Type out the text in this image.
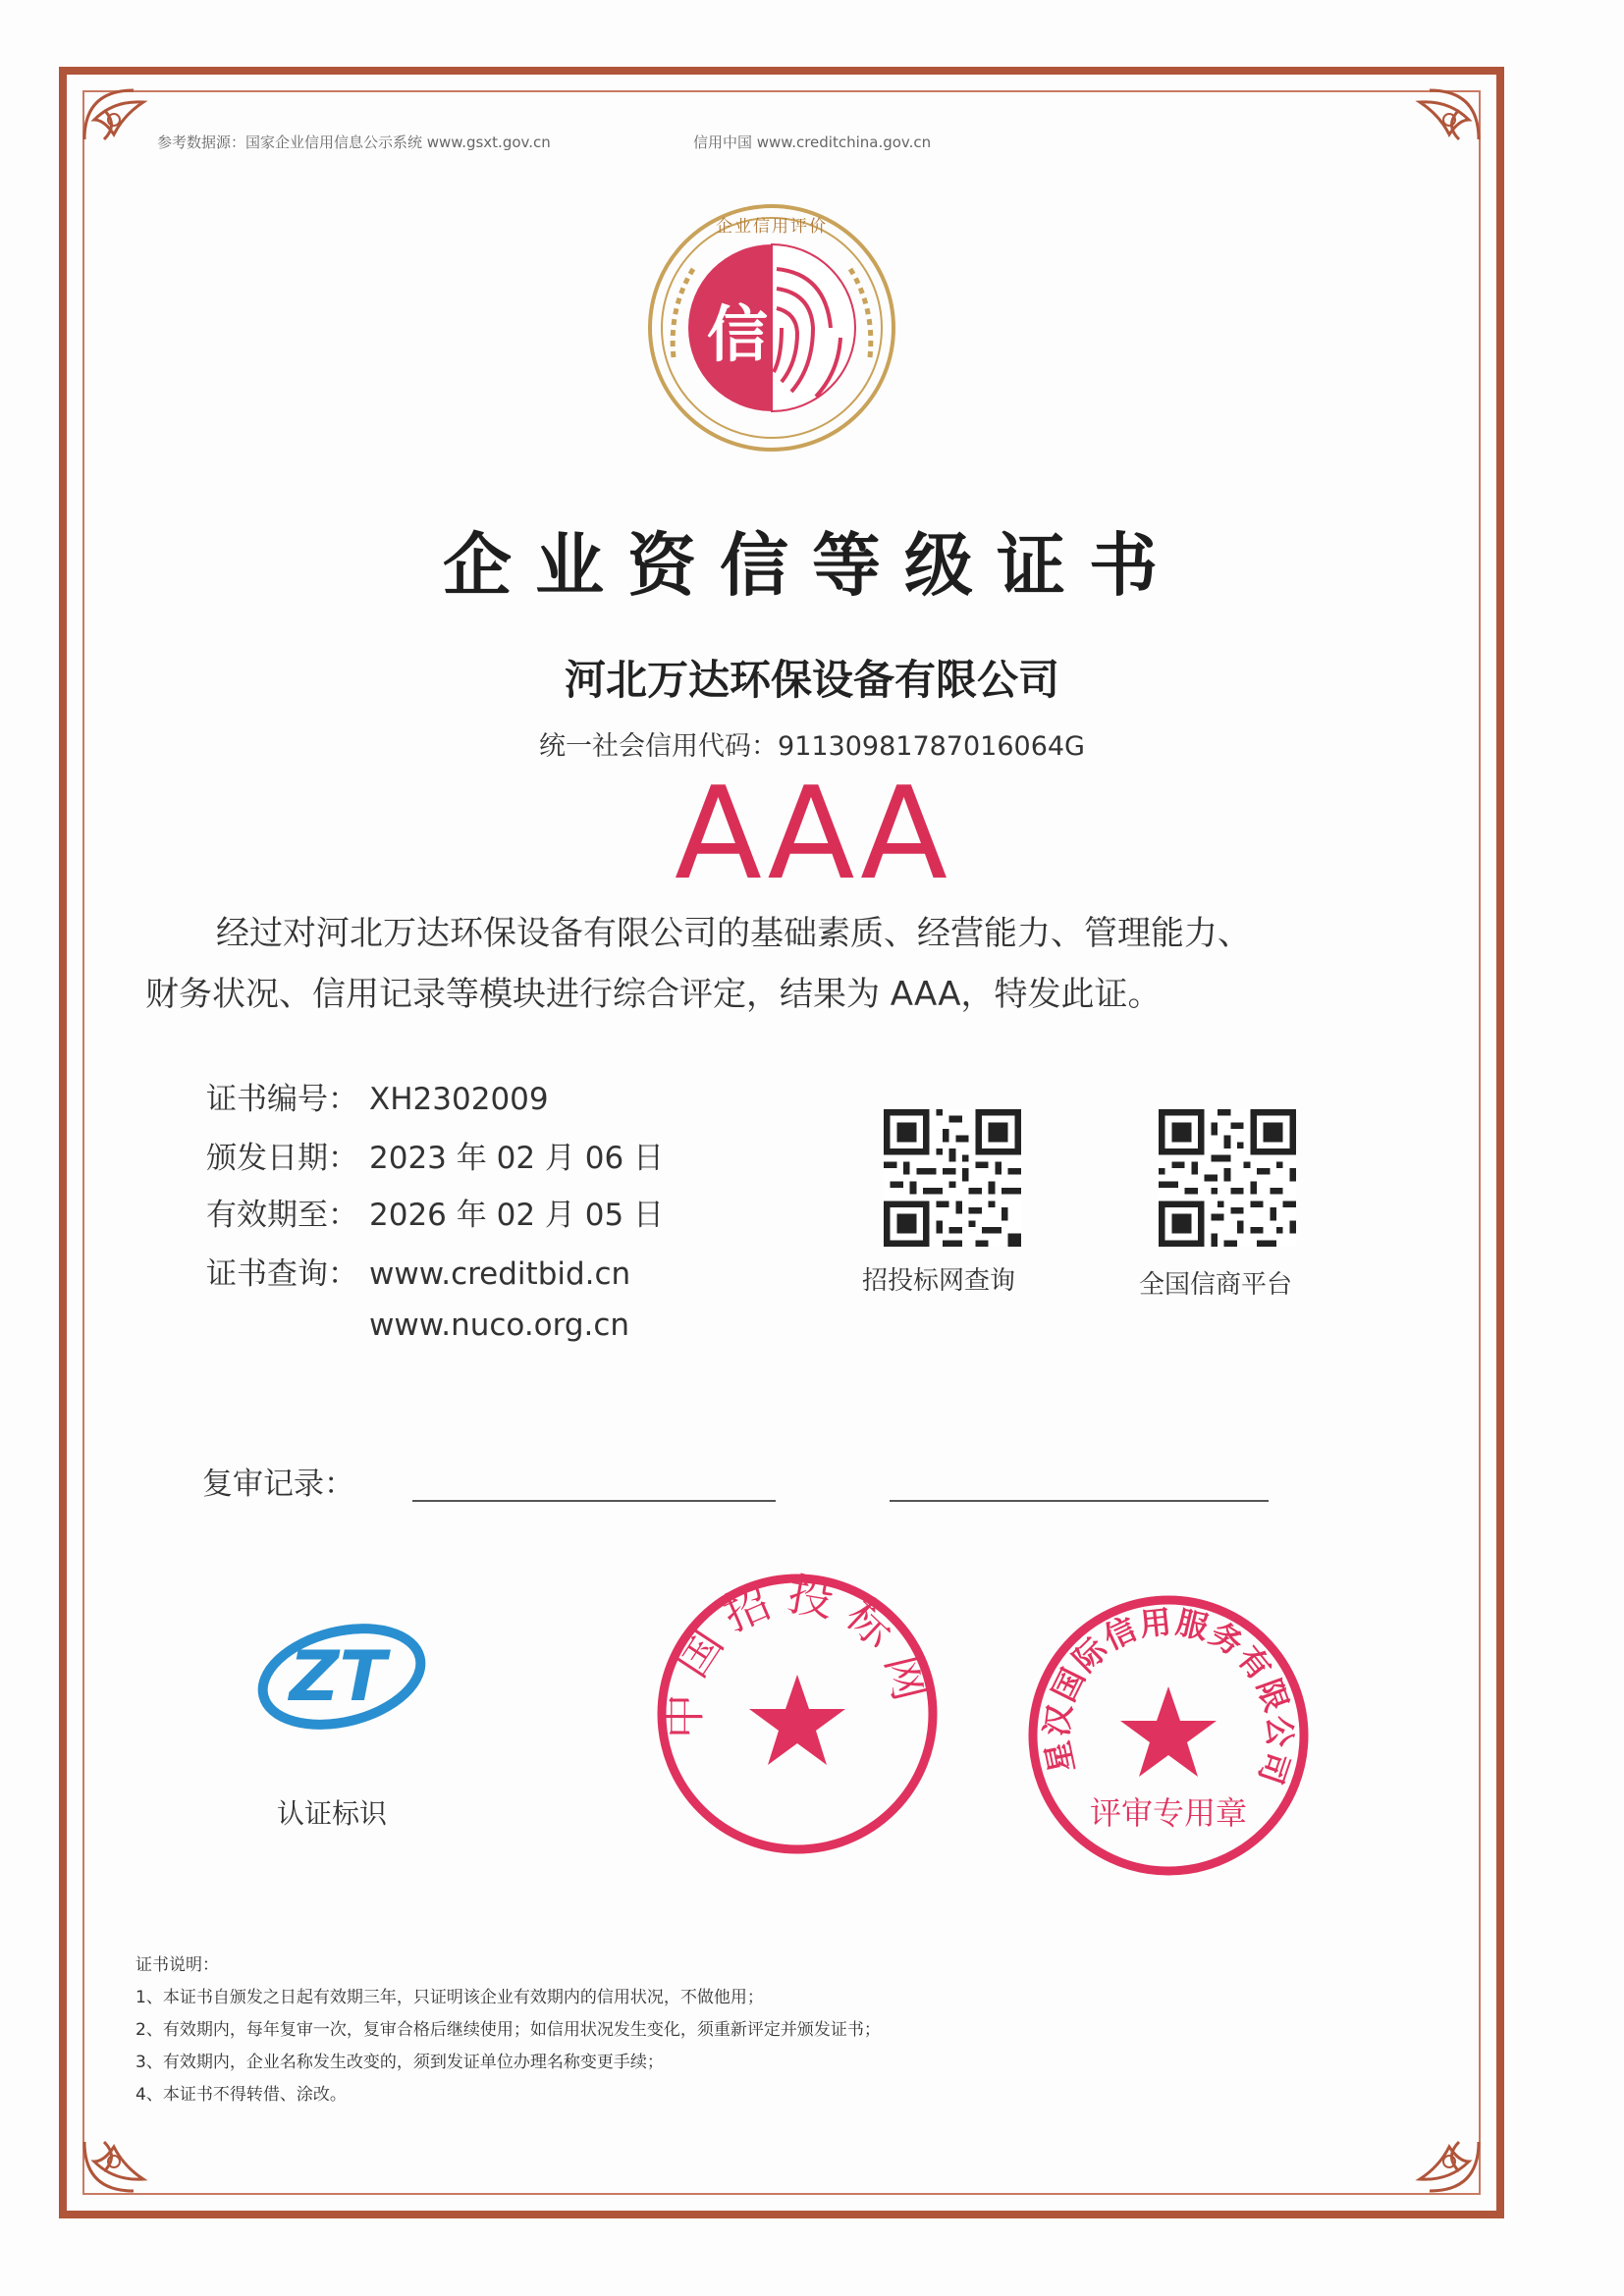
参考数据源：国家企业信用信息公示系统 www.gsxt.gov.cn	信用中国 www.creditchina.gov.cn
信
企业信用评价
企业资信等级证书
河北万达环保设备有限公司
统一社会信用代码：91130981787016064G
AAA
经过对河北万达环保设备有限公司的基础素质、经营能力、管理能力、
财务状况、信用记录等模块进行综合评定，结果为 AAA，特发此证。
证书编号： XH2302009
颁发日期： 2023 年 02 月 06 日
有效期至： 2026 年 02 月 05 日
证书查询： www.creditbid.cn
www.nuco.org.cn
招投标网查询	全国信商平台
复审记录：
ZT
认证标识
中国招投标网
星汉国际信用服务有限公司
评审专用章
证书说明：
1、本证书自颁发之日起有效期三年，只证明该企业有效期内的信用状况，不做他用；
2、有效期内，每年复审一次，复审合格后继续使用；如信用状况发生变化，须重新评定并颁发证书；
3、有效期内，企业名称发生改变的，须到发证单位办理名称变更手续；
4、本证书不得转借、涂改。
